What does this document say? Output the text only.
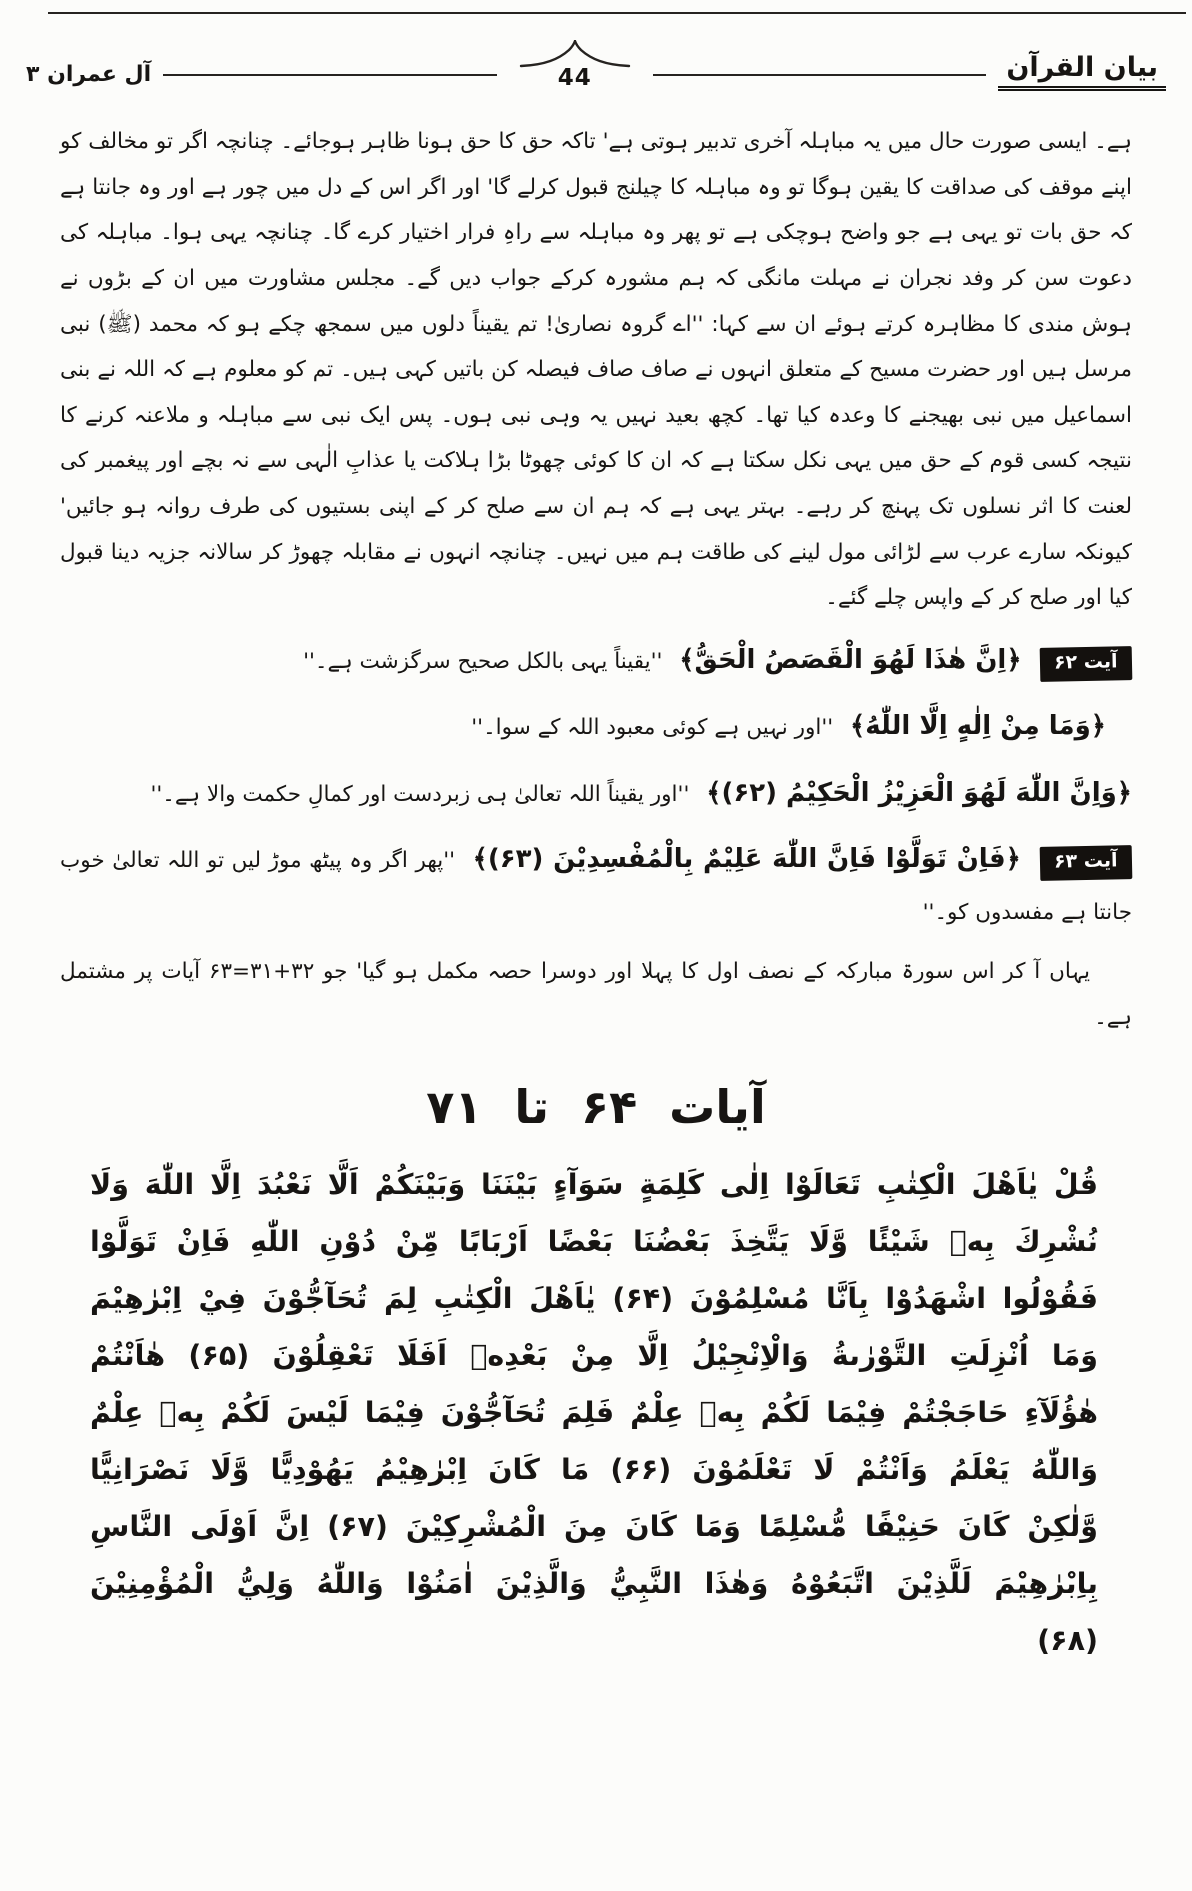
بیان القرآن
44
آل عمران ۳

ہے۔ ایسی صورت حال میں یہ مباہلہ آخری تدبیر ہوتی ہے' تاکہ حق کا حق ہونا ظاہر ہوجائے۔ چنانچہ اگر تو مخالف کو اپنے موقف کی صداقت کا یقین ہوگا تو وہ مباہلہ کا چیلنج قبول کرلے گا' اور اگر اس کے دل میں چور ہے اور وہ جانتا ہے کہ حق بات تو یہی ہے جو واضح ہوچکی ہے تو پھر وہ مباہلہ سے راہِ فرار اختیار کرے گا۔ چنانچہ یہی ہوا۔ مباہلہ کی دعوت سن کر وفد نجران نے مہلت مانگی کہ ہم مشورہ کرکے جواب دیں گے۔ مجلس مشاورت میں ان کے بڑوں نے ہوش مندی کا مظاہرہ کرتے ہوئے ان سے کہا: ''اے گروہ نصاریٰ! تم یقیناً دلوں میں سمجھ چکے ہو کہ محمد (ﷺ) نبی مرسل ہیں اور حضرت مسیح کے متعلق انہوں نے صاف صاف فیصلہ کن باتیں کہی ہیں۔ تم کو معلوم ہے کہ اللہ نے بنی اسماعیل میں نبی بھیجنے کا وعدہ کیا تھا۔ کچھ بعید نہیں یہ وہی نبی ہوں۔ پس ایک نبی سے مباہلہ و ملاعنہ کرنے کا نتیجہ کسی قوم کے حق میں یہی نکل سکتا ہے کہ ان کا کوئی چھوٹا بڑا ہلاکت یا عذابِ الٰہی سے نہ بچے اور پیغمبر کی لعنت کا اثر نسلوں تک پہنچ کر رہے۔ بہتر یہی ہے کہ ہم ان سے صلح کر کے اپنی بستیوں کی طرف روانہ ہو جائیں' کیونکہ سارے عرب سے لڑائی مول لینے کی طاقت ہم میں نہیں۔ چنانچہ انہوں نے مقابلہ چھوڑ کر سالانہ جزیہ دینا قبول کیا اور صلح کر کے واپس چلے گئے۔

آیت ۶۲ ﴿اِنَّ هٰذَا لَهُوَ الْقَصَصُ الْحَقُّ﴾ ''یقیناً یہی بالکل صحیح سرگزشت ہے۔''

﴿وَمَا مِنْ اِلٰهٍ اِلَّا اللّٰهُ﴾ ''اور نہیں ہے کوئی معبود اللہ کے سوا۔''

﴿وَاِنَّ اللّٰهَ لَهُوَ الْعَزِيْزُ الْحَكِيْمُ (۶۲)﴾ ''اور یقیناً اللہ تعالیٰ ہی زبردست اور کمالِ حکمت والا ہے۔''

آیت ۶۳ ﴿فَاِنْ تَوَلَّوْا فَاِنَّ اللّٰهَ عَلِيْمٌ بِالْمُفْسِدِيْنَ (۶۳)﴾ ''پھر اگر وہ پیٹھ موڑ لیں تو اللہ تعالیٰ خوب جانتا ہے مفسدوں کو۔''

یہاں آ کر اس سورۃ مبارکہ کے نصف اول کا پہلا اور دوسرا حصہ مکمل ہو گیا' جو ۳۲+۳۱=۶۳ آیات پر مشتمل ہے۔

آیات ۶۴ تا ۷۱

قُلْ يٰاَهْلَ الْكِتٰبِ تَعَالَوْا اِلٰى كَلِمَةٍ سَوَآءٍ بَيْنَنَا وَبَيْنَكُمْ اَلَّا نَعْبُدَ اِلَّا اللّٰهَ وَلَا نُشْرِكَ بِهٖ شَيْئًا وَّلَا يَتَّخِذَ بَعْضُنَا بَعْضًا اَرْبَابًا مِّنْ دُوْنِ اللّٰهِ فَاِنْ تَوَلَّوْا فَقُوْلُوا اشْهَدُوْا بِاَنَّا مُسْلِمُوْنَ (۶۴) يٰاَهْلَ الْكِتٰبِ لِمَ تُحَآجُّوْنَ فِيْ اِبْرٰهِيْمَ وَمَا اُنْزِلَتِ التَّوْرٰىةُ وَالْاِنْجِيْلُ اِلَّا مِنْ بَعْدِهٖ اَفَلَا تَعْقِلُوْنَ (۶۵) هٰاَنْتُمْ هٰؤُلَآءِ حَاجَجْتُمْ فِيْمَا لَكُمْ بِهٖ عِلْمٌ فَلِمَ تُحَآجُّوْنَ فِيْمَا لَيْسَ لَكُمْ بِهٖ عِلْمٌ وَاللّٰهُ يَعْلَمُ وَاَنْتُمْ لَا تَعْلَمُوْنَ (۶۶) مَا كَانَ اِبْرٰهِيْمُ يَهُوْدِيًّا وَّلَا نَصْرَانِيًّا وَّلٰكِنْ كَانَ حَنِيْفًا مُّسْلِمًا وَمَا كَانَ مِنَ الْمُشْرِكِيْنَ (۶۷) اِنَّ اَوْلَى النَّاسِ بِاِبْرٰهِيْمَ لَلَّذِيْنَ اتَّبَعُوْهُ وَهٰذَا النَّبِيُّ وَالَّذِيْنَ اٰمَنُوْا وَاللّٰهُ وَلِيُّ الْمُؤْمِنِيْنَ (۶۸)
